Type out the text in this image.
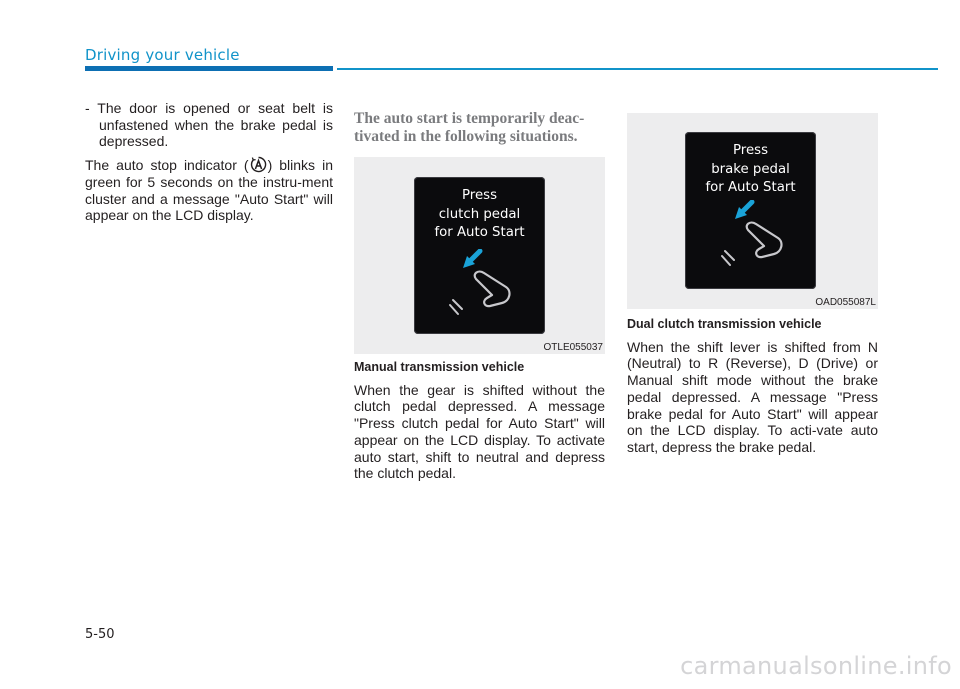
Driving your vehicle

- The door is opened or seat belt is unfastened when the brake pedal is depressed.

The auto stop indicator ( ) blinks in green for 5 seconds on the instru-ment cluster and a message "Auto Start" will appear on the LCD display.

The auto start is temporarily deac-tivated in the following situations.
Press
clutch pedal
for Auto Start
OTLE055037

Manual transmission vehicle

When the gear is shifted without the clutch pedal depressed. A message "Press clutch pedal for Auto Start" will appear on the LCD display. To activate auto start, shift to neutral and depress the clutch pedal.

Press
brake pedal
for Auto Start
OAD055087L

Dual clutch transmission vehicle

When the shift lever is shifted from N (Neutral) to R (Reverse), D (Drive) or Manual shift mode without the brake pedal depressed. A message "Press brake pedal for Auto Start" will appear on the LCD display. To acti-vate auto start, depress the brake pedal.

5-50
carmanualsonline.info
